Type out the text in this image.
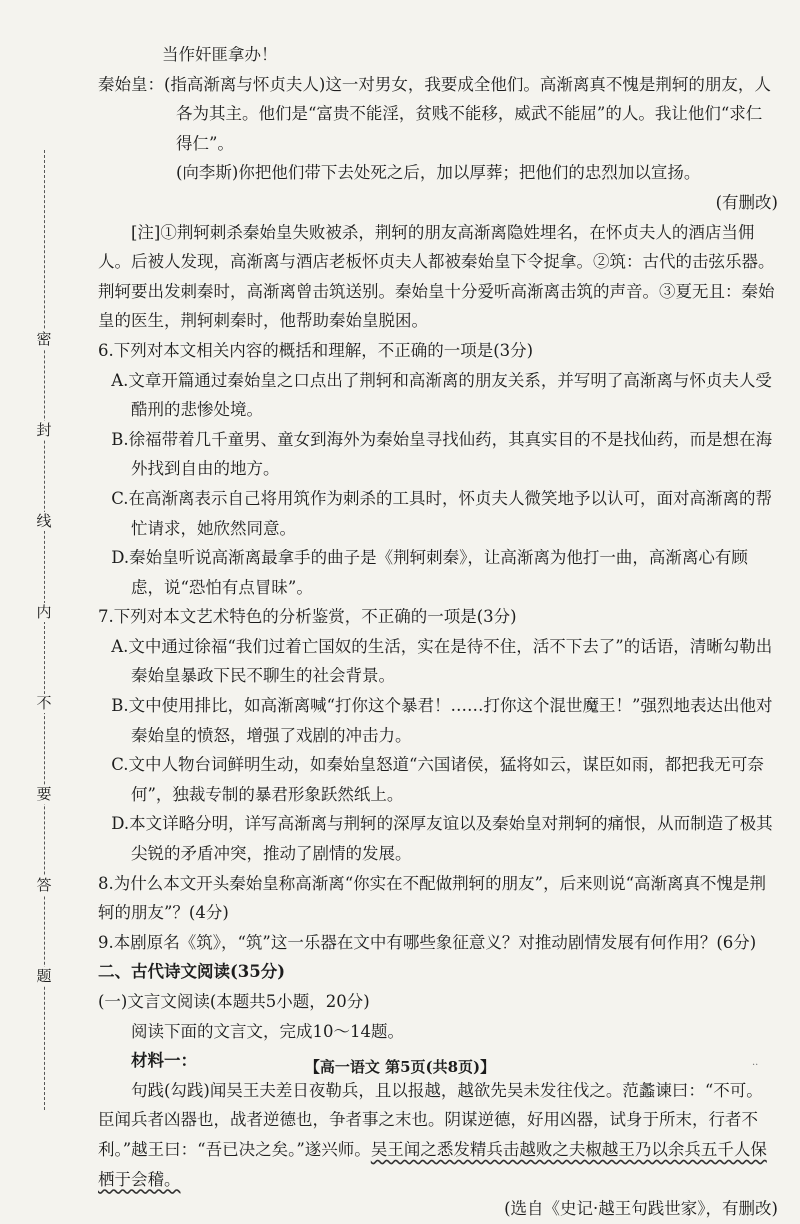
密
封
线
内
不
要
答
题

当作奸匪拿办！

秦始皇：(指高渐离与怀贞夫人)这一对男女，我要成全他们。高渐离真不愧是荆轲的朋友，人各为其主。他们是“富贵不能淫，贫贱不能移，威武不能屈”的人。我让他们“求仁得仁”。

(向李斯)你把他们带下去处死之后，加以厚葬；把他们的忠烈加以宣扬。

(有删改)

[注]①荆轲刺杀秦始皇失败被杀，荆轲的朋友高渐离隐姓埋名，在怀贞夫人的酒店当佣人。后被人发现，高渐离与酒店老板怀贞夫人都被秦始皇下令捉拿。②筑：古代的击弦乐器。荆轲要出发刺秦时，高渐离曾击筑送别。秦始皇十分爱听高渐离击筑的声音。③夏无且：秦始皇的医生，荆轲刺秦时，他帮助秦始皇脱困。

6.下列对本文相关内容的概括和理解，不正确的一项是(3分)

A.文章开篇通过秦始皇之口点出了荆轲和高渐离的朋友关系，并写明了高渐离与怀贞夫人受酷刑的悲惨处境。

B.徐福带着几千童男、童女到海外为秦始皇寻找仙药，其真实目的不是找仙药，而是想在海外找到自由的地方。

C.在高渐离表示自己将用筑作为刺杀的工具时，怀贞夫人微笑地予以认可，面对高渐离的帮忙请求，她欣然同意。

D.秦始皇听说高渐离最拿手的曲子是《荆轲刺秦》，让高渐离为他打一曲，高渐离心有顾虑，说“恐怕有点冒昧”。

7.下列对本文艺术特色的分析鉴赏，不正确的一项是(3分)

A.文中通过徐福“我们过着亡国奴的生活，实在是待不住，活不下去了”的话语，清晰勾勒出秦始皇暴政下民不聊生的社会背景。

B.文中使用排比，如高渐离喊“打你这个暴君！……打你这个混世魔王！”强烈地表达出他对秦始皇的愤怒，增强了戏剧的冲击力。

C.文中人物台词鲜明生动，如秦始皇怒道“六国诸侯，猛将如云，谋臣如雨，都把我无可奈何”，独裁专制的暴君形象跃然纸上。

D.本文详略分明，详写高渐离与荆轲的深厚友谊以及秦始皇对荆轲的痛恨，从而制造了极其尖锐的矛盾冲突，推动了剧情的发展。

8.为什么本文开头秦始皇称高渐离“你实在不配做荆轲的朋友”，后来则说“高渐离真不愧是荆轲的朋友”？(4分)

9.本剧原名《筑》，“筑”这一乐器在文中有哪些象征意义？对推动剧情发展有何作用？(6分)

二、古代诗文阅读(35分)

(一)文言文阅读(本题共5小题，20分)

阅读下面的文言文，完成10～14题。

材料一：

句践(勾践)闻吴王夫差日夜勒兵，且以报越，越欲先吴未发往伐之。范蠡谏曰：“不可。臣闻兵者凶器也，战者逆德也，争者事之末也。阴谋逆德，好用凶器，试身于所末，行者不利。”越王曰：“吾已决之矣。”遂兴师。吴王闻之悉发精兵击越败之夫椒越王乃以余兵五千人保栖于会稽。

(选自《史记·越王句践世家》，有删改)

【高一语文 第5页(共8页)】	··
